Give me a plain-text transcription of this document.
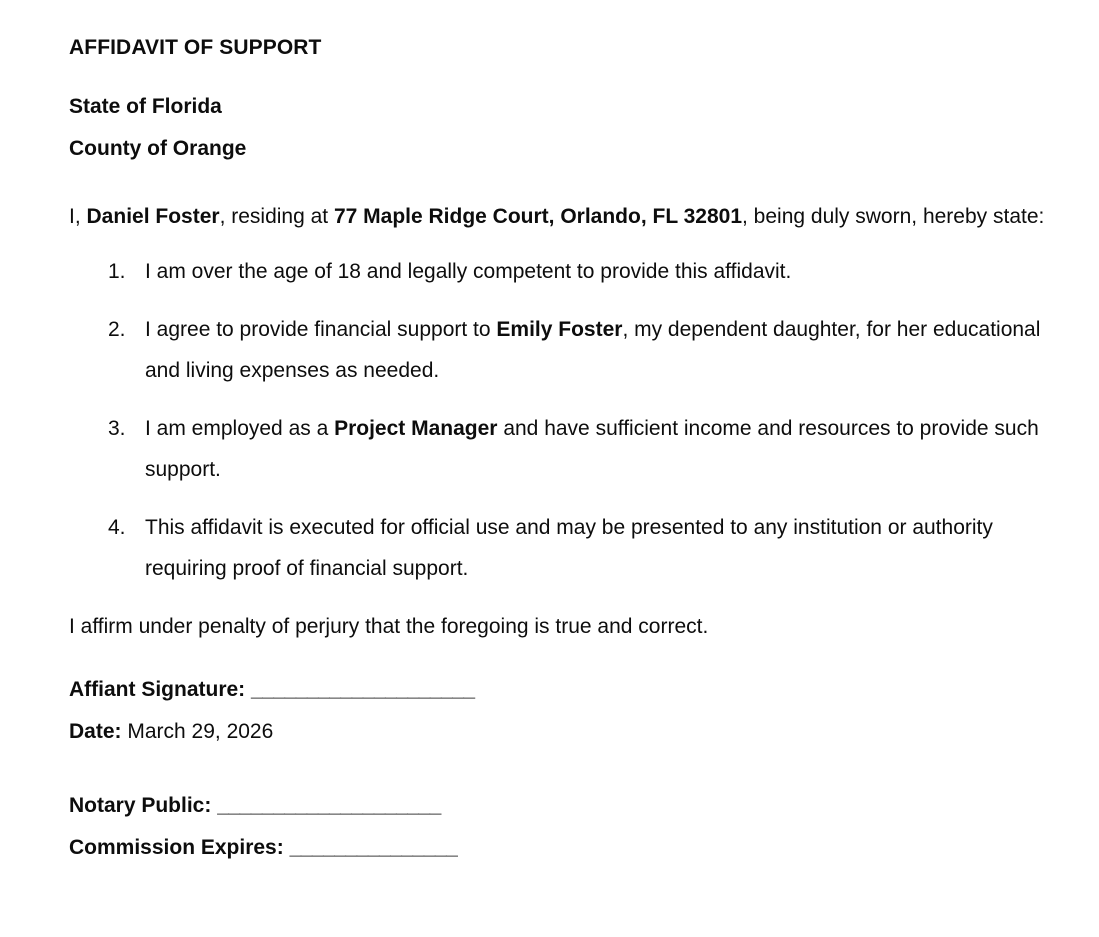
AFFIDAVIT OF SUPPORT
State of Florida
County of Orange

I, Daniel Foster, residing at 77 Maple Ridge Court, Orlando, FL 32801, being duly sworn, hereby state:

1. I am over the age of 18 and legally competent to provide this affidavit.
2. I agree to provide financial support to Emily Foster, my dependent daughter, for her educational and living expenses as needed.
3. I am employed as a Project Manager and have sufficient income and resources to provide such support.
4. This affidavit is executed for official use and may be presented to any institution or authority requiring proof of financial support.

I affirm under penalty of perjury that the foregoing is true and correct.

Affiant Signature: ____________________
Date: March 29, 2026
Notary Public: ____________________
Commission Expires: _______________
